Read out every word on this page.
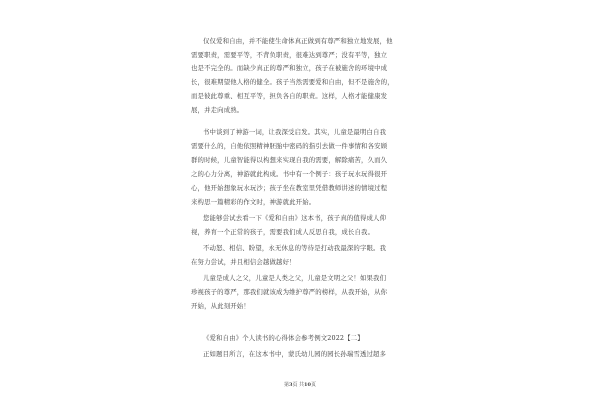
仅仅爱和自由，并不能使生命体真正做到有尊严和独立地发展，他
需要职责，需要平等，不背负职责，很难达到尊严；没有平等，独立
也是不完全的。而缺少真正的尊严和独立，孩子在被施舍的环境中成
长，很难期望他人格的健全。孩子当然需要爱和自由，但不是施舍的，
而是彼此尊重、相互平等，担负各自的职责。这样，人格才能健康发
展，并走向成熟。
书中谈到了神游一词，让我深受启发。其实，儿童是最明白自我
需要什么的，自他依照精神胚胎中密码的指引去做一件事情和各安顾
群的时候，儿童智能得以构想来实现自我的需要，解除痛苦，久而久
之的心力分离，神游就此构成。书中有一个例子：孩子玩水玩得很开
心，他开始想象玩水玩沙；孩子坐在教室里凭借教师讲述的情境过程
来构思一篇精彩的作文时，神游就此开始。
您能够尝试去看一下《爱和自由》这本书，孩子真的值得成人仰
视，养育一个正常的孩子，需要我们成人反思自我，成长自我。
不动怒、相信、盼望，永无休息的等待是打动我最深的字眼。我
在努力尝试，并且相信会越做越好！
儿童是成人之父，儿童是人类之父，儿童是文明之父！如果我们
珍视孩子的尊严，那我们就该成为维护尊严的榜样，从我开始，从你
开始，从此刻开始！
《爱和自由》个人读书的心得体会参考例文2022【二】
正如题目所言，在这本书中，蒙氏幼儿园的园长孙瑞雪透过超多
第3页 共10页
